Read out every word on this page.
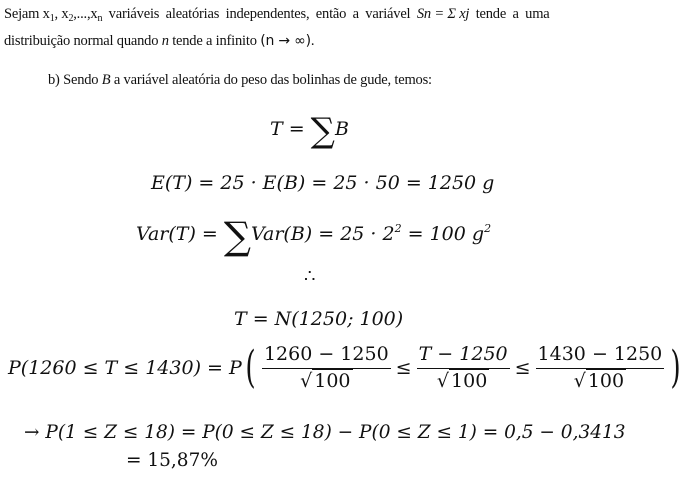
Sejam $x_1$, $x_2,...,x_n$ variáveis aleatórias independentes, então a variável Sn = Σ xj tende a uma
distribuição normal quando n tende a infinito (n → ∞).
b) Sendo B a variável aleatória do peso das bolinhas de gude, temos:
T = ∑B
E(T) = 25 · E(B) = 25 · 50 = 1250 g
$Var(T) = \sum Var(B) = 25 \cdot 2^2 = 100$ $g^2$
∴
T = N(1250; 100)
P(1260 ≤ T ≤ 1430) = P ( $\frac{1260 - 1250}{√ 100} \le \frac{T - 1250}{√ 100} \le \frac{1430 - 1250}{√ 100}$ )
→ P(1 ≤ Z ≤ 18) = P(0 ≤ Z ≤ 18) − P(0 ≤ Z ≤ 1) = 0,5 − 0,3413
= 15,87%
